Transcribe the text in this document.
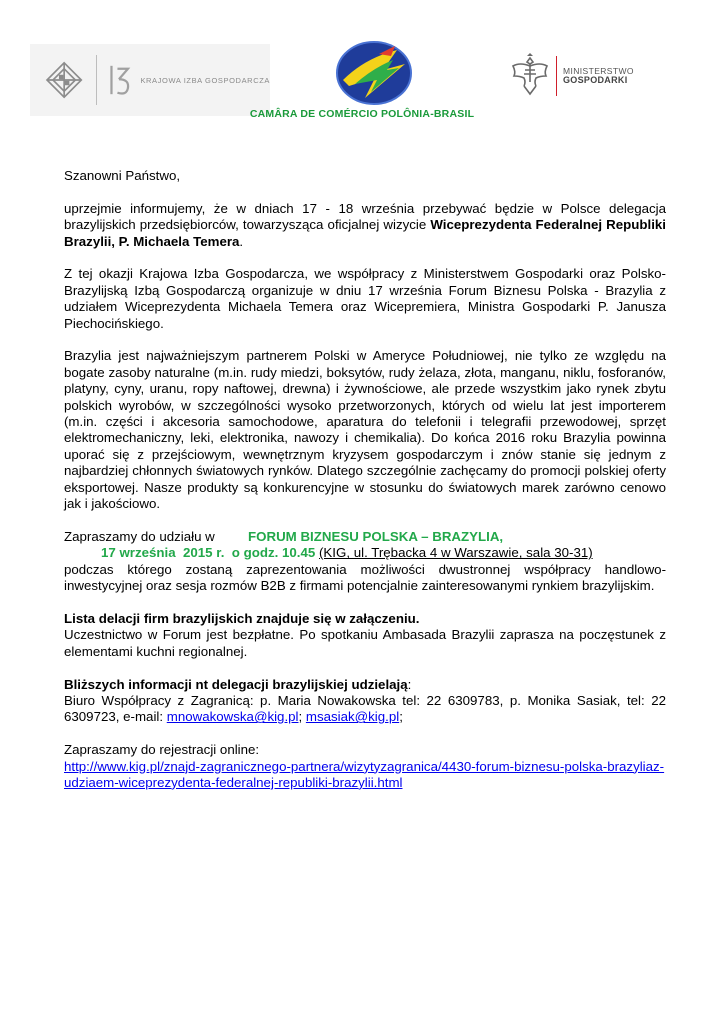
KRAJOWA IZBA GOSPODARCZA
CAMÂRA DE COMÉRCIO POLÔNIA-BRASIL
MINISTERSTWO
GOSPODARKI

Szanowni Państwo,

uprzejmie informujemy, że w dniach 17 - 18 września przebywać będzie w Polsce delegacja brazylijskich przedsiębiorców, towarzysząca oficjalnej wizycie Wiceprezydenta Federalnej Republiki Brazylii, P. Michaela Temera.

Z tej okazji Krajowa Izba Gospodarcza, we współpracy z Ministerstwem Gospodarki oraz Polsko-Brazylijską Izbą Gospodarczą organizuje w dniu 17 września Forum Biznesu Polska - Brazylia z udziałem Wiceprezydenta Michaela Temera oraz Wicepremiera, Ministra Gospodarki P. Janusza Piechocińskiego.

Brazylia jest najważniejszym partnerem Polski w Ameryce Południowej, nie tylko ze względu na bogate zasoby naturalne (m.in. rudy miedzi, boksytów, rudy żelaza, złota, manganu, niklu, fosforanów, platyny, cyny, uranu, ropy naftowej, drewna) i żywnościowe, ale przede wszystkim jako rynek zbytu polskich wyrobów, w szczególności wysoko przetworzonych, których od wielu lat jest importerem (m.in. części i akcesoria samochodowe, aparatura do telefonii i telegrafii przewodowej, sprzęt elektromechaniczny, leki, elektronika, nawozy i chemikalia). Do końca 2016 roku Brazylia powinna uporać się z przejściowym, wewnętrznym kryzysem gospodarczym i znów stanie się jednym z najbardziej chłonnych światowych rynków. Dlatego szczególnie zachęcamy do promocji polskiej oferty eksportowej. Nasze produkty są konkurencyjne w stosunku do światowych marek zarówno cenowo jak i jakościowo.

Zapraszamy do udziału w	FORUM BIZNESU POLSKA – BRAZYLIA,

17 września  2015 r.  o godz. 10.45 (KIG, ul. Trębacka 4 w Warszawie, sala 30-31)

podczas którego zostaną zaprezentowania możliwości dwustronnej współpracy handlowo-inwestycyjnej oraz sesja rozmów B2B z firmami potencjalnie zainteresowanymi rynkiem brazylijskim.

Lista delacji firm brazylijskich znajduje się w załączeniu.

Uczestnictwo w Forum jest bezpłatne. Po spotkaniu Ambasada Brazylii zaprasza na poczęstunek z elementami kuchni regionalnej.

Bliższych informacji nt delegacji brazylijskiej udzielają:

Biuro Współpracy z Zagranicą: p. Maria Nowakowska tel: 22 6309783, p. Monika Sasiak, tel: 22 6309723, e-mail: mnowakowska@kig.pl; msasiak@kig.pl;

Zapraszamy do rejestracji online:

http://www.kig.pl/znajd-zagranicznego-partnera/wizytyzagranica/4430-forum-biznesu-polska-brazyliaz-udziaem-wiceprezydenta-federalnej-republiki-brazylii.html
